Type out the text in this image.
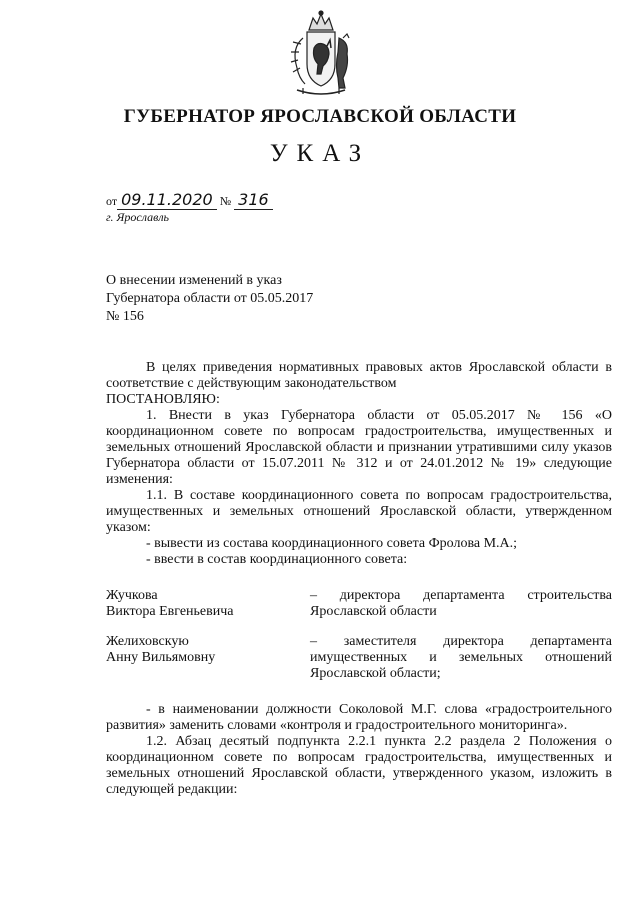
ГУБЕРНАТОР ЯРОСЛАВСКОЙ ОБЛАСТИ
УКАЗ
от 09.11.2020 № 316
г. Ярославль
О внесении изменений в указ
Губернатора области от 05.05.2017
№ 156

В целях приведения нормативных правовых актов Ярославской области в соответствие с действующим законодательством

ПОСТАНОВЛЯЮ:

1. Внести в указ Губернатора области от 05.05.2017 № 156 «О координационном совете по вопросам градостроительства, имущественных и земельных отношений Ярославской области и признании утратившими силу указов Губернатора области от 15.07.2011 № 312 и от 24.01.2012 № 19» следующие изменения:

1.1. В составе координационного совета по вопросам градостроительства, имущественных и земельных отношений Ярославской области, утвержденном указом:

- вывести из состава координационного совета Фролова М.А.;

- ввести в состав координационного совета:

Жучкова
Виктора Евгеньевича
– директора департамента строительства Ярославской области
Желиховскую
Анну Вильямовну
– заместителя директора департамента имущественных и земельных отношений Ярославской области;

- в наименовании должности Соколовой М.Г. слова «градостроительного развития» заменить словами «контроля и градостроительного мониторинга».

1.2. Абзац десятый подпункта 2.2.1 пункта 2.2 раздела 2 Положения о координационном совете по вопросам градостроительства, имущественных и земельных отношений Ярославской области, утвержденного указом, изложить в следующей редакции:
